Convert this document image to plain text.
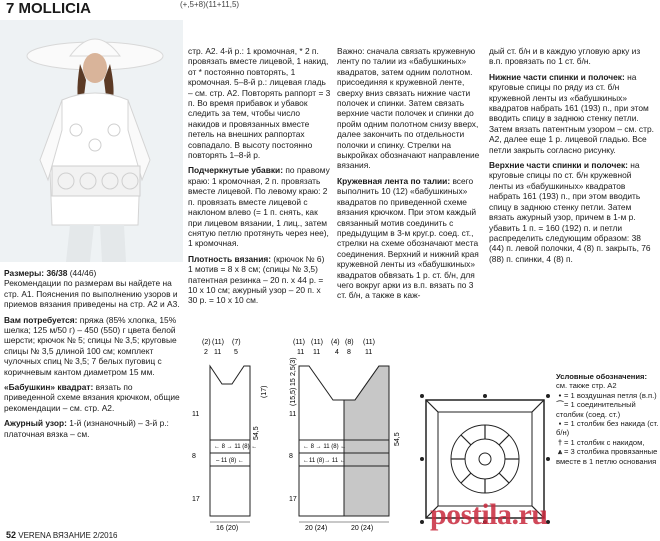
7 MOLLICIA	(+,5+8)(11+11,5)

Размеры: 36/38 (44/46)
Рекомендации по размерам вы найдете на стр. А1. Пояснения по выполнению узоров и приемов вязания приведены на стр. А2 и А3.

Вам потребуется: пряжа (85% хлопка, 15% шелка; 125 м/50 г) – 450 (550) г цвета белой шерсти; крючок № 5; спицы № 3,5; круговые спицы № 3,5 длиной 100 см; комплект чулочных спиц № 3,5; 7 белых пуговиц с коричневым кантом диаметром 15 мм.

«Бабушкин» квадрат: вязать по приведенной схеме вязания крючком, общие рекомендации – см. стр. А2.

Ажурный узор: 1-й (изнаночный) – 3-й р.: платочная вязка – см.

стр. А2. 4-й р.: 1 кромочная, * 2 п. провязать вместе лицевой, 1 накид, от * постоянно повторять, 1 кромочная. 5–8-й р.: лицевая гладь – см. стр. А2. Повторять раппорт = 3 п. Во время прибавок и убавок следить за тем, чтобы число накидов и провязанных вместе петель на внешних раппортах совпадало. В высоту постоянно повторять 1–8-й р.

Подчеркнутые убавки: по правому краю: 1 кромочная, 2 п. провязать вместе лицевой. По левому краю: 2 п. провязать вместе лицевой с наклоном влево (= 1 п. снять, как при лицевом вязании, 1 лиц., затем снятую петлю протянуть через нее), 1 кромочная.

Плотность вязания: (крючок № 6) 1 мотив = 8 х 8 см; (спицы № 3,5) патентная резинка – 20 п. х 44 р. = 10 х 10 см; ажурный узор – 20 п. х 30 р. = 10 х 10 см.

Важно: сначала связать кружевную ленту по талии из «бабушкиных» квадратов, затем одним полотном. присоединяя к кружевной ленте, сверху вниз связать нижние части полочек и спинки. Затем связать верхние части полочек и спинки до пройм одним полотном снизу вверх, далее закончить по отдельности полочки и спинку. Стрелки на выкройках обозначают направление вязания.

Кружевная лента по талии: всего выполнить 10 (12) «бабушкиных» квадратов по приведенной схеме вязания крючком. При этом каждый связанный мотив соединить с предыдущим в 3-м круг.р. соед. ст., стрелки на схеме обозначают места соединения. Верхний и нижний края кружевной ленты из «бабушкиных» квадратов обвязать 1 р. ст. б/н, для чего вокруг арки из в.п. вязать по 3 ст. б/н, а также в каж-

дый ст. б/н и в каждую угловую арку из в.п. провязать по 1 ст. б/н.

Нижние части спинки и полочек: на круговые спицы по ряду из ст. б/н кружевной ленты из «бабушкиных» квадратов набрать 161 (193) п., при этом вводить спицу в заднюю стенку петли. Затем вязать патентным узором – см. стр. А2, далее еще 1 р. лицевой гладью. Все петли закрыть согласно рисунку.

Верхние части спинки и полочек: на круговые спицы по ст. б/н кружевной ленты из «бабушкиных» квадратов набрать 161 (193) п., при этом вводить спицу в заднюю стенку петли. Затем вязать ажурный узор, причем в 1-м р. убавить 1 п. = 160 (192) п. и петли распределить следующим образом: 38 (44) п. левой полочки, 4 (8) п. закрыть, 76 (88) п. спинки, 4 (8) п.

(2) (11) (7)
2 11 5
17
8
11
54,5
(17)
← 8 → 11 (8) ←
– 11 (8) ←
16 (20)
(11) (11) (4) (8) (11)
11 11 4 8 11
17
8
11
(15,5)
15
2,5
(3)
54,5
← 8 → 11 (8) ←
←11 (8)→ 11 ←
20 (24)	20 (24)
Условные обозначения:
см. также стр. А2
• = 1 воздушная петля (в.п.)
⌒= 1 соединительный столбик (соед. ст.)
▪ = 1 столбик без накида (ст. б/н)
† = 1 столбик с накидом,
⩓ = 3 столбика провязанные вместе в 1 петлю основания
postila.ru
52 VERENA ВЯЗАНИЕ 2/2016
